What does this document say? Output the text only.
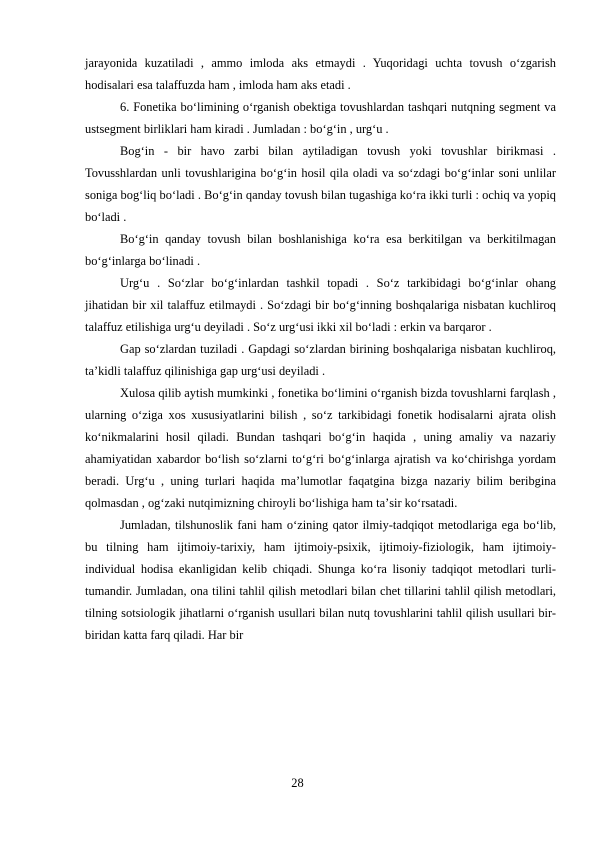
jarayonida kuzatiladi , ammo imloda aks etmaydi . Yuqoridagi uchta tovush oʻzgarish hodisalari esa talaffuzda ham , imloda ham aks etadi .

6. Fonetika boʻlimining oʻrganish obektiga tovushlardan tashqari nutqning segment va ustsegment birliklari ham kiradi . Jumladan : boʻgʻin , urgʻu .

Bogʻin - bir havo zarbi bilan aytiladigan tovush yoki tovushlar birikmasi . Tovusshlardan unli tovushlarigina boʻgʻin hosil qila oladi va soʻzdagi boʻgʻinlar soni unlilar soniga bogʻliq boʻladi . Boʻgʻin qanday tovush bilan tugashiga koʻra ikki turli : ochiq va yopiq boʻladi .

Boʻgʻin qanday tovush bilan boshlanishiga koʻra esa berkitilgan va berkitilmagan boʻgʻinlarga boʻlinadi .

Urgʻu . Soʻzlar boʻgʻinlardan tashkil topadi . Soʻz tarkibidagi boʻgʻinlar ohang jihatidan bir xil talaffuz etilmaydi . Soʻzdagi bir boʻgʻinning boshqalariga nisbatan kuchliroq talaffuz etilishiga urgʻu deyiladi . Soʻz urgʻusi ikki xil boʻladi : erkin va barqaror .

Gap soʻzlardan tuziladi . Gapdagi soʻzlardan birining boshqalariga nisbatan kuchliroq, taʼkidli talaffuz qilinishiga gap urgʻusi deyiladi .

Xulosa qilib aytish mumkinki , fonetika boʻlimini oʻrganish bizda tovushlarni farqlash , ularning oʻziga xos xususiyatlarini bilish , soʻz tarkibidagi fonetik hodisalarni ajrata olish koʻnikmalarini hosil qiladi. Bundan tashqari boʻgʻin haqida , uning amaliy va nazariy ahamiyatidan xabardor boʻlish soʻzlarni toʻgʻri boʻgʻinlarga ajratish va koʻchirishga yordam beradi. Urgʻu , uning turlari haqida maʼlumotlar faqatgina bizga nazariy bilim beribgina qolmasdan , ogʻzaki nutqimizning chiroyli boʻlishiga ham taʼsir koʻrsatadi.

Jumladan, tilshunoslik fani ham oʻzining qator ilmiy-tadqiqot metodlariga ega boʻlib, bu tilning ham ijtimoiy-tarixiy, ham ijtimoiy-psixik, ijtimoiy-fiziologik, ham ijtimoiy-individual hodisa ekanligidan kelib chiqadi. Shunga koʻra lisoniy tadqiqot metodlari turli-tumandir. Jumladan, ona tilini tahlil qilish metodlari bilan chet tillarini tahlil qilish metodlari, tilning sotsiologik jihatlarni oʻrganish usullari bilan nutq tovushlarini tahlil qilish usullari bir-biridan katta farq qiladi. Har bir

28
